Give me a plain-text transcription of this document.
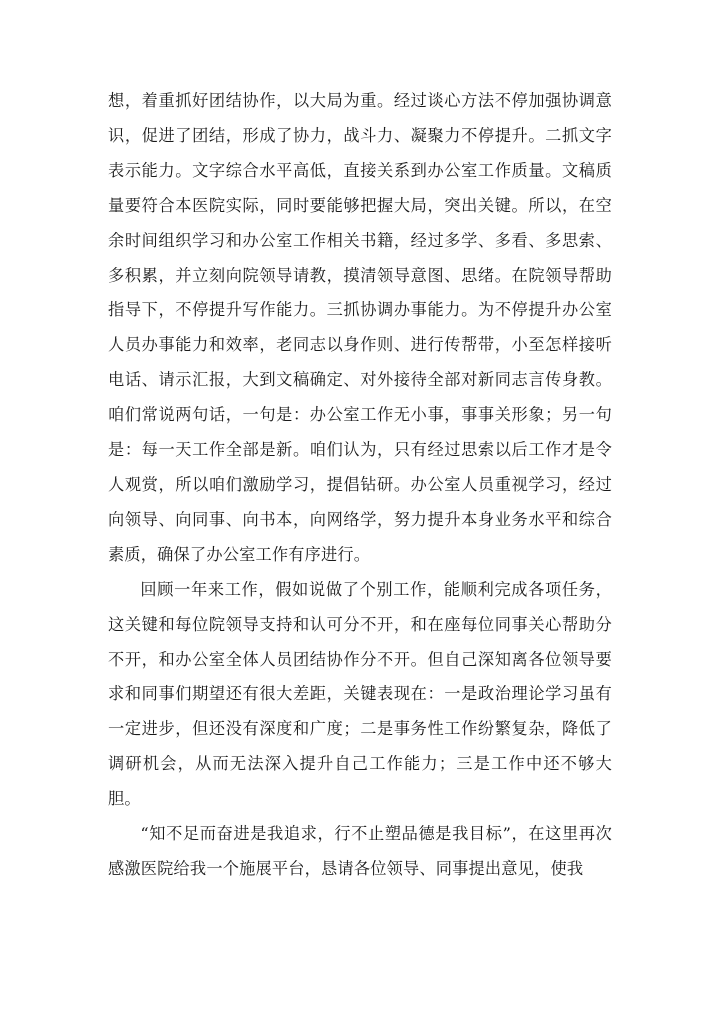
想，着重抓好团结协作，以大局为重。经过谈心方法不停加强协调意识，促进了团结，形成了协力，战斗力、凝聚力不停提升。二抓文字表示能力。文字综合水平高低，直接关系到办公室工作质量。文稿质量要符合本医院实际，同时要能够把握大局，突出关键。所以，在空余时间组织学习和办公室工作相关书籍，经过多学、多看、多思索、多积累，并立刻向院领导请教，摸清领导意图、思绪。在院领导帮助指导下，不停提升写作能力。三抓协调办事能力。为不停提升办公室人员办事能力和效率，老同志以身作则、进行传帮带，小至怎样接听电话、请示汇报，大到文稿确定、对外接待全部对新同志言传身教。咱们常说两句话，一句是：办公室工作无小事，事事关形象；另一句是：每一天工作全部是新。咱们认为，只有经过思索以后工作才是令人观赏，所以咱们激励学习，提倡钻研。办公室人员重视学习，经过向领导、向同事、向书本，向网络学，努力提升本身业务水平和综合素质，确保了办公室工作有序进行。

回顾一年来工作，假如说做了个别工作，能顺利完成各项任务，这关键和每位院领导支持和认可分不开，和在座每位同事关心帮助分不开，和办公室全体人员团结协作分不开。但自己深知离各位领导要求和同事们期望还有很大差距，关键表现在：一是政治理论学习虽有一定进步，但还没有深度和广度；二是事务性工作纷繁复杂，降低了调研机会，从而无法深入提升自己工作能力；三是工作中还不够大胆。

“知不足而奋进是我追求，行不止塑品德是我目标”，在这里再次感激医院给我一个施展平台，恳请各位领导、同事提出意见，使我
